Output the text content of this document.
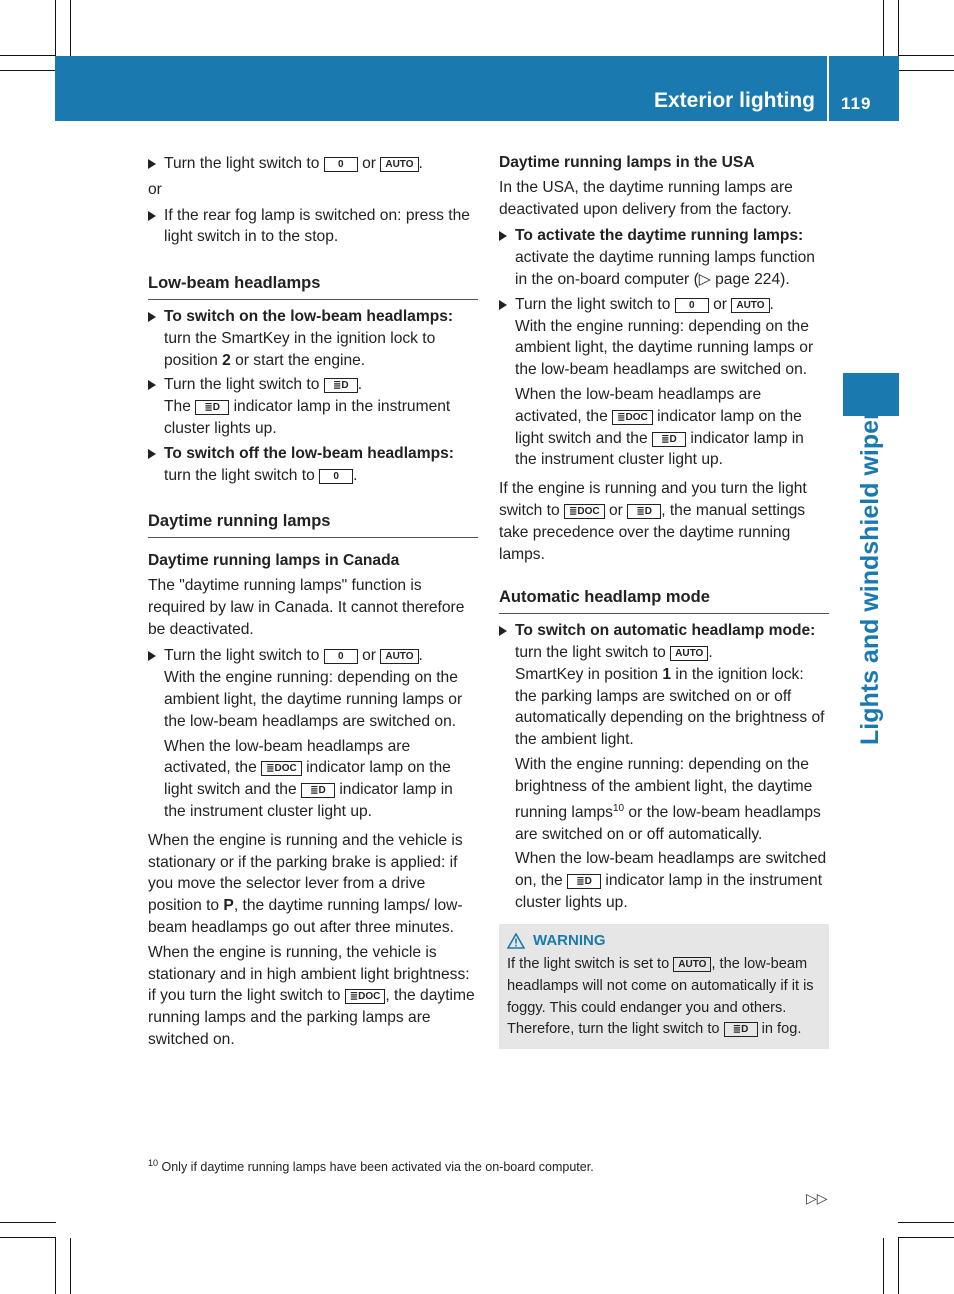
Exterior lighting 119
Lights and windshield wipers

Turn the light switch to 0 or AUTO .

or

If the rear fog lamp is switched on: press the light switch in to the stop.

Low-beam headlamps

To switch on the low-beam headlamps: turn the SmartKey in the ignition lock to position 2 or start the engine.

Turn the light switch to ≣D .

The ≣D indicator lamp in the instrument cluster lights up.

To switch off the low-beam headlamps: turn the light switch to 0 .

Daytime running lamps
Daytime running lamps in Canada

The "daytime running lamps" function is required by law in Canada. It cannot therefore be deactivated.

Turn the light switch to 0 or AUTO .

With the engine running: depending on the ambient light, the daytime running lamps or the low-beam headlamps are switched on.

When the low-beam headlamps are activated, the ≣DOC indicator lamp on the light switch and the ≣D indicator lamp in the instrument cluster light up.

When the engine is running and the vehicle is stationary or if the parking brake is applied: if you move the selector lever from a drive position to P, the daytime running lamps/ low-beam headlamps go out after three minutes.

When the engine is running, the vehicle is stationary and in high ambient light brightness: if you turn the light switch to ≣DOC , the daytime running lamps and the parking lamps are switched on.

Daytime running lamps in the USA

In the USA, the daytime running lamps are deactivated upon delivery from the factory.

To activate the daytime running lamps: activate the daytime running lamps function in the on-board computer (▷ page 224).

Turn the light switch to 0 or AUTO .

With the engine running: depending on the ambient light, the daytime running lamps or the low-beam headlamps are switched on.

When the low-beam headlamps are activated, the ≣DOC indicator lamp on the light switch and the ≣D indicator lamp in the instrument cluster light up.

If the engine is running and you turn the light switch to ≣DOC or ≣D , the manual settings take precedence over the daytime running lamps.

Automatic headlamp mode

To switch on automatic headlamp mode: turn the light switch to AUTO .

SmartKey in position 1 in the ignition lock: the parking lamps are switched on or off automatically depending on the brightness of the ambient light.

With the engine running: depending on the brightness of the ambient light, the daytime running lamps$^{10}$ or the low-beam headlamps are switched on or off automatically.

When the low-beam headlamps are switched on, the ≣D indicator lamp in the instrument cluster lights up.

WARNING

If the light switch is set to AUTO , the low-beam headlamps will not come on automatically if it is foggy. This could endanger you and others. Therefore, turn the light switch to ≣D in fog.

$^{10}$ Only if daytime running lamps have been activated via the on-board computer.
▷▷
